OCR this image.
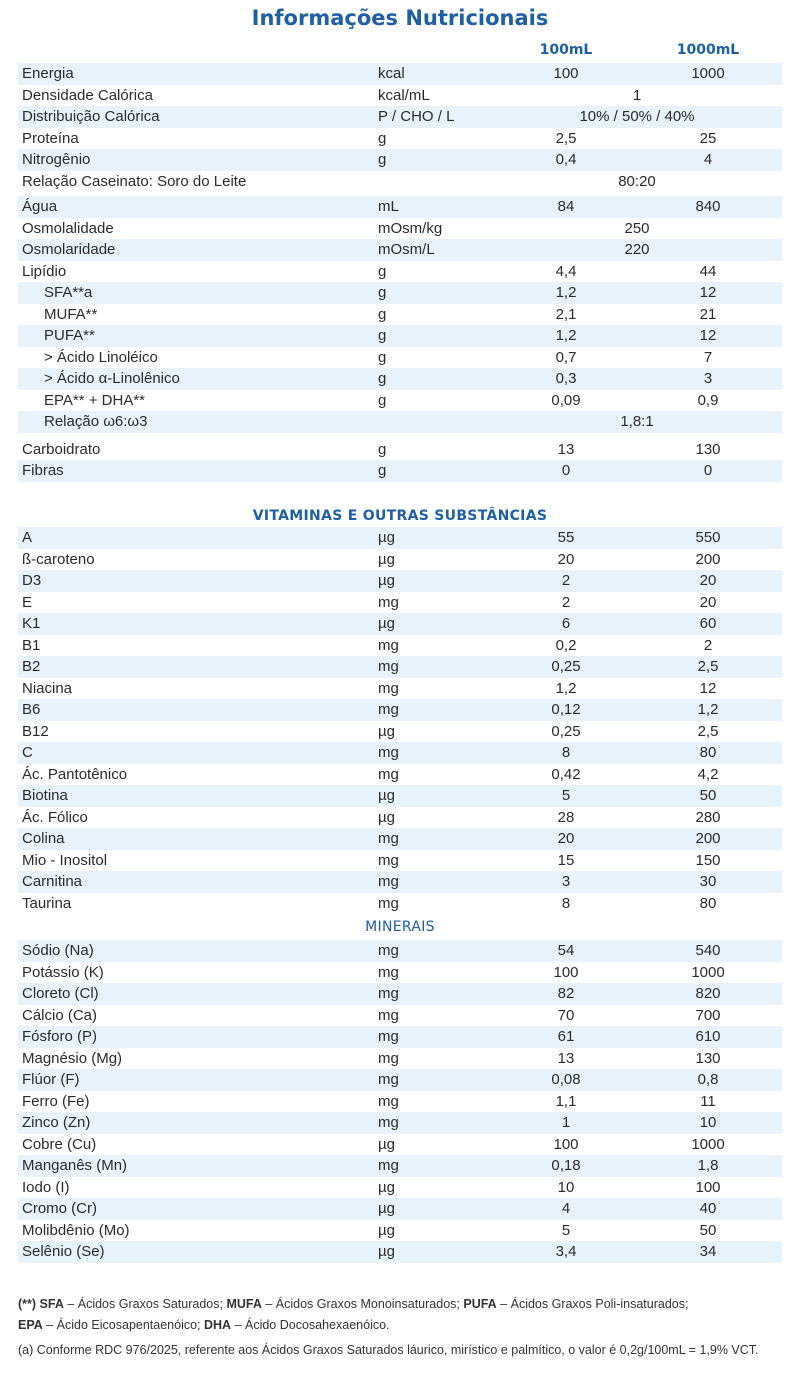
Informações Nutricionais
100mL	1000mL
Energia	kcal	100	1000
Densidade Calórica	kcal/mL	1
Distribuição Calórica	P / CHO / L	10% / 50% / 40%
Proteína	g	2,5	25
Nitrogênio	g	0,4	4
Relação Caseinato: Soro do Leite	80:20
Água	mL	84	840
Osmolalidade	mOsm/kg	250
Osmolaridade	mOsm/L	220
Lipídio	g	4,4	44
SFA**a	g	1,2	12
MUFA**	g	2,1	21
PUFA**	g	1,2	12
> Ácido Linoléico	g	0,7	7
> Ácido α-Linolênico	g	0,3	3
EPA** + DHA**	g	0,09	0,9
Relação ω6:ω3	1,8:1
Carboidrato	g	13	130
Fibras	g	0	0
VITAMINAS E OUTRAS SUBSTÂNCIAS
A	µg	55	550
ß-caroteno	µg	20	200
D3	µg	2	20
E	mg	2	20
K1	µg	6	60
B1	mg	0,2	2
B2	mg	0,25	2,5
Niacina	mg	1,2	12
B6	mg	0,12	1,2
B12	µg	0,25	2,5
C	mg	8	80
Ác. Pantotênico	mg	0,42	4,2
Biotina	µg	5	50
Ác. Fólico	µg	28	280
Colina	mg	20	200
Mio - Inositol	mg	15	150
Carnitina	mg	3	30
Taurina	mg	8	80
MINERAIS
Sódio (Na)	mg	54	540
Potássio (K)	mg	100	1000
Cloreto (Cl)	mg	82	820
Cálcio (Ca)	mg	70	700
Fósforo (P)	mg	61	610
Magnésio (Mg)	mg	13	130
Flúor (F)	mg	0,08	0,8
Ferro (Fe)	mg	1,1	11
Zinco (Zn)	mg	1	10
Cobre (Cu)	µg	100	1000
Manganês (Mn)	mg	0,18	1,8
Iodo (I)	µg	10	100
Cromo (Cr)	µg	4	40
Molibdênio (Mo)	µg	5	50
Selênio (Se)	µg	3,4	34
(**) SFA – Ácidos Graxos Saturados; MUFA – Ácidos Graxos Monoinsaturados; PUFA – Ácidos Graxos Poli-insaturados;
EPA – Ácido Eicosapentaenóico; DHA – Ácido Docosahexaenóico.
(a) Conforme RDC 976/2025, referente aos Ácidos Graxos Saturados láurico, mirístico e palmítico, o valor é 0,2g/100mL = 1,9% VCT.
